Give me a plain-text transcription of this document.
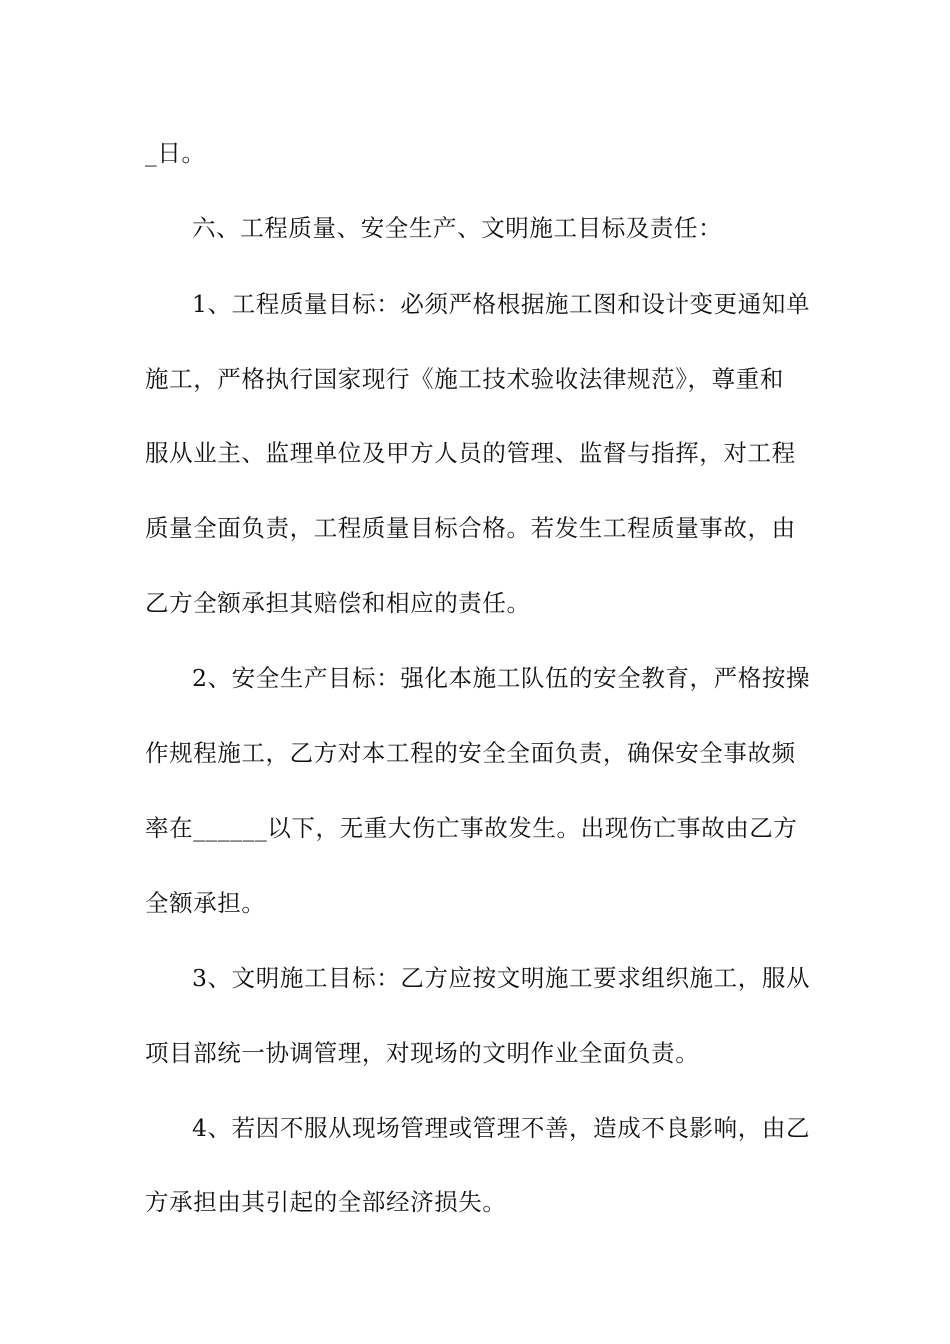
_日。
六、工程质量、安全生产、文明施工目标及责任：
1、工程质量目标：必须严格根据施工图和设计变更通知单
施工，严格执行国家现行《施工技术验收法律规范》，尊重和
服从业主、监理单位及甲方人员的管理、监督与指挥，对工程
质量全面负责，工程质量目标合格。若发生工程质量事故，由
乙方全额承担其赔偿和相应的责任。
2、安全生产目标：强化本施工队伍的安全教育，严格按操
作规程施工，乙方对本工程的安全全面负责，确保安全事故频
率在______以下，无重大伤亡事故发生。出现伤亡事故由乙方
全额承担。
3、文明施工目标：乙方应按文明施工要求组织施工，服从
项目部统一协调管理，对现场的文明作业全面负责。
4、若因不服从现场管理或管理不善，造成不良影响，由乙
方承担由其引起的全部经济损失。
